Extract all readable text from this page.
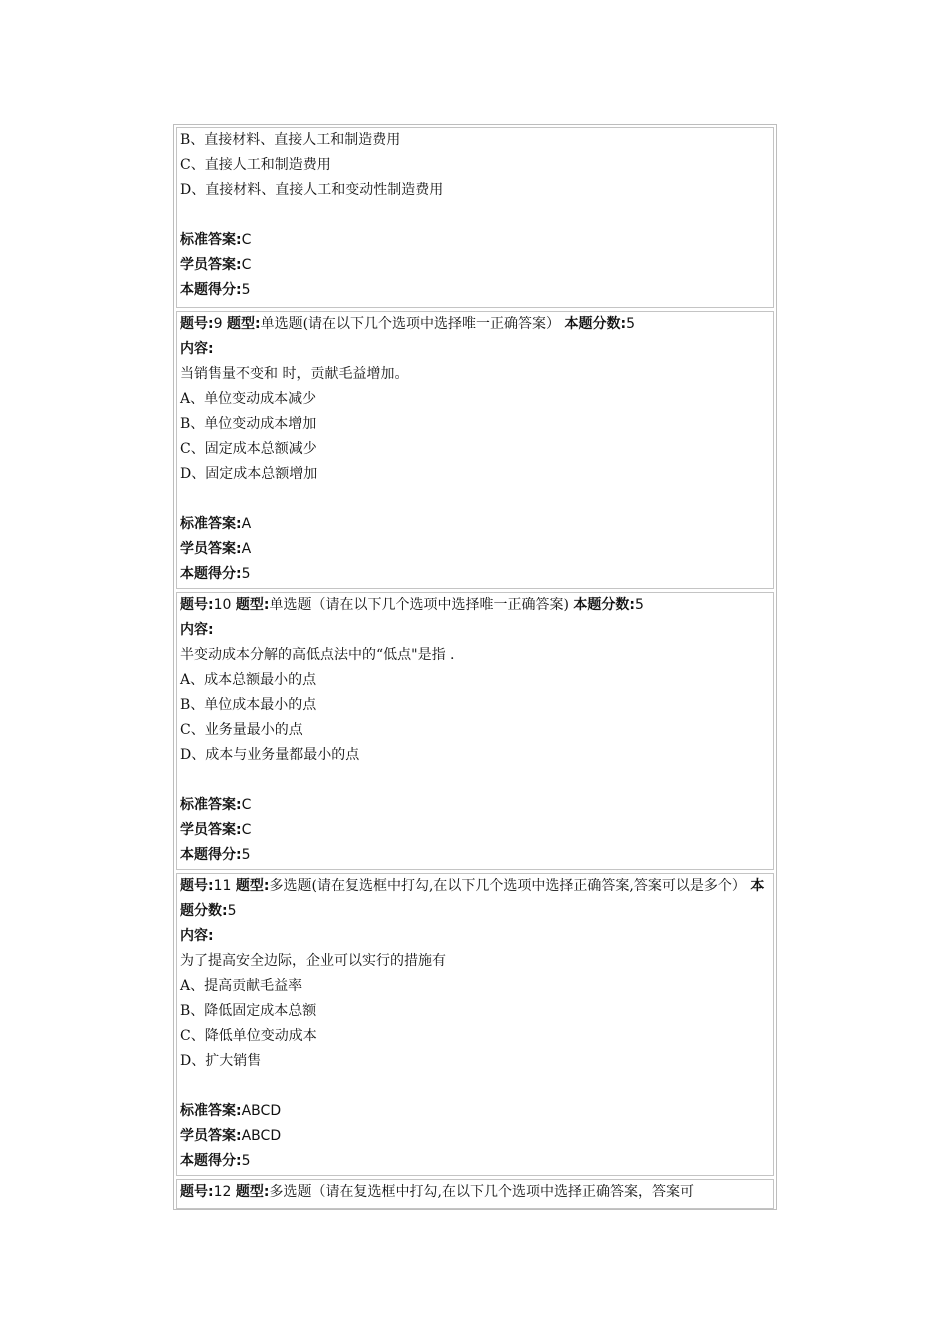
B、直接材料、直接人工和制造费用
C、直接人工和制造费用
D、直接材料、直接人工和变动性制造费用
标准答案:C
学员答案:C
本题得分:5
题号:9 题型:单选题(请在以下几个选项中选择唯一正确答案） 本题分数:5
内容:
当销售量不变和 时，贡献毛益增加。
A、单位变动成本减少
B、单位变动成本增加
C、固定成本总额减少
D、固定成本总额增加
标准答案:A
学员答案:A
本题得分:5
题号:10 题型:单选题（请在以下几个选项中选择唯一正确答案) 本题分数:5
内容:
半变动成本分解的高低点法中的“低点"是指 .
A、成本总额最小的点
B、单位成本最小的点
C、业务量最小的点
D、成本与业务量都最小的点
标准答案:C
学员答案:C
本题得分:5
题号:11 题型:多选题(请在复选框中打勾,在以下几个选项中选择正确答案,答案可以是多个） 本题分数:5
内容:
为了提高安全边际，企业可以实行的措施有
A、提高贡献毛益率
B、降低固定成本总额
C、降低单位变动成本
D、扩大销售
标准答案:ABCD
学员答案:ABCD
本题得分:5
题号:12 题型:多选题（请在复选框中打勾,在以下几个选项中选择正确答案，答案可
